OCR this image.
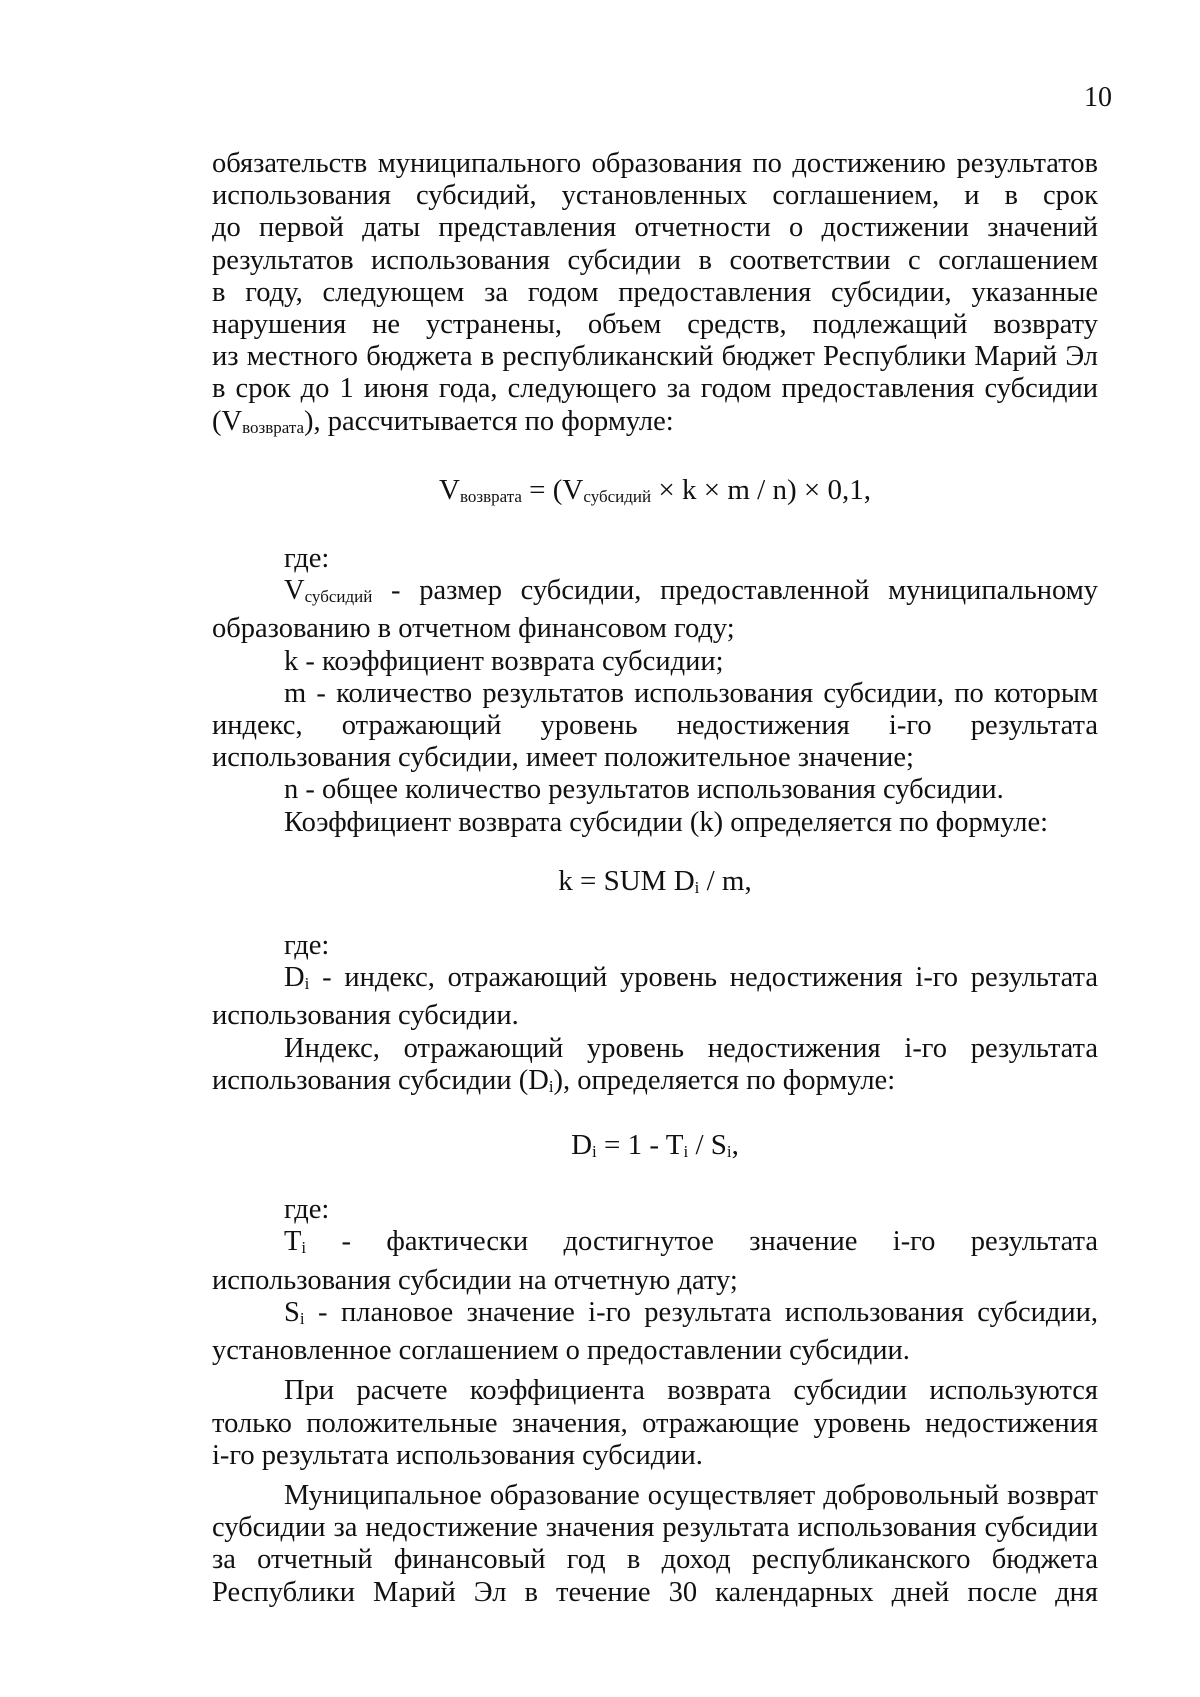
10

обязательств муниципального образования по достижению результатов
использования субсидий, установленных соглашением, и в срок
до первой даты представления отчетности о достижении значений
результатов использования субсидии в соответствии с соглашением
в году, следующем за годом предоставления субсидии, указанные
нарушения не устранены, объем средств, подлежащий возврату
из местного бюджета в республиканский бюджет Республики Марий Эл
в срок до 1 июня года, следующего за годом предоставления субсидии

(Vвозврата), рассчитывается по формуле:

Vвозврата = (Vсубсидий × k × m / n) × 0,1,

где:

Vсубсидий - размер субсидии, предоставленной муниципальному

образованию в отчетном финансовом году;

k - коэффициент возврата субсидии;

m - количество результатов использования субсидии, по которым

индекс, отражающий уровень недостижения i-го результата

использования субсидии, имеет положительное значение;

n - общее количество результатов использования субсидии.

Коэффициент возврата субсидии (k) определяется по формуле:

k = SUM Di / m,

где:

Di - индекс, отражающий уровень недостижения i-го результата

использования субсидии.

Индекс, отражающий уровень недостижения i-го результата

использования субсидии (Di), определяется по формуле:

Di = 1 - Ti / Si,

где:

Ti - фактически достигнутое значение i-го результата

использования субсидии на отчетную дату;

Si - плановое значение i-го результата использования субсидии,

установленное соглашением о предоставлении субсидии.

При расчете коэффициента возврата субсидии используются

только положительные значения, отражающие уровень недостижения

i-го результата использования субсидии.

Муниципальное образование осуществляет добровольный возврат

субсидии за недостижение значения результата использования субсидии

за отчетный финансовый год в доход республиканского бюджета

Республики Марий Эл в течение 30 календарных дней после дня
